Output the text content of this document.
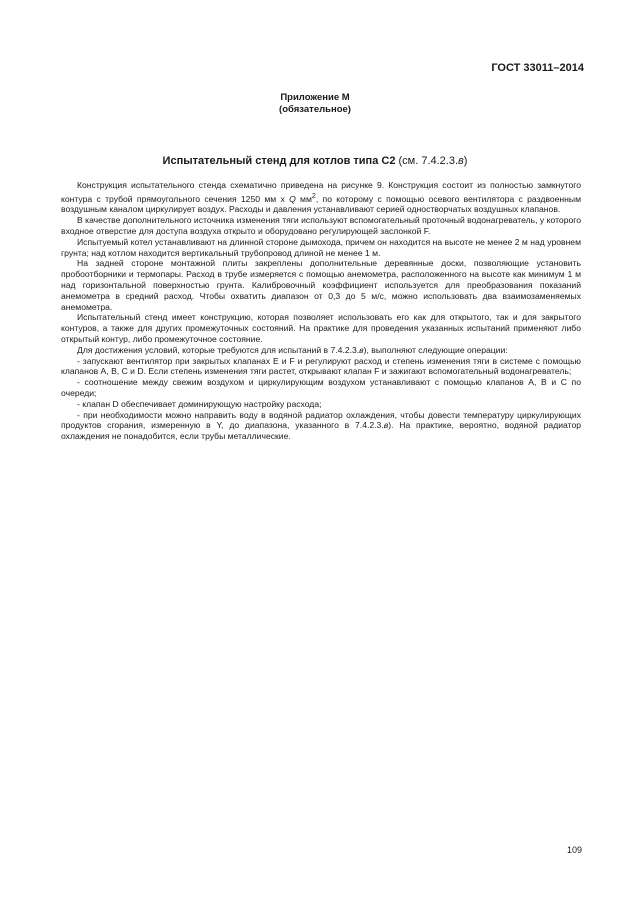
ГОСТ 33011–2014
Приложение М
(обязательное)
Испытательный стенд для котлов типа С2 (см. 7.4.2.3.в)

Конструкция испытательного стенда схематично приведена на рисунке 9. Конструкция состоит из полностью замкнутого контура с трубой прямоугольного сечения 1250 мм х Q $мм^2$, по которому с помощью осевого вентилятора с раздвоенным воздушным каналом циркулирует воздух. Расходы и давления устанавливают серией одностворчатых воздушных клапанов.

В качестве дополнительного источника изменения тяги используют вспомогательный проточный водонагреватель, у которого входное отверстие для доступа воздуха открыто и оборудовано регулирующей заслонкой F.

Испытуемый котел устанавливают на длинной стороне дымохода, причем он находится на высоте не менее 2 м над уровнем грунта; над котлом находится вертикальный трубопровод длиной не менее 1 м.

На задней стороне монтажной плиты закреплены дополнительные деревянные доски, позволяющие установить пробоотборники и термопары. Расход в трубе измеряется с помощью анемометра, расположенного на высоте как минимум 1 м над горизонтальной поверхностью грунта. Калибровочный коэффициент используется для преобразования показаний анемометра в средний расход. Чтобы охватить диапазон от 0,3 до 5 м/с, можно использовать два взаимозаменяемых анемометра.

Испытательный стенд имеет конструкцию, которая позволяет использовать его как для открытого, так и для закрытого контуров, а также для других промежуточных состояний. На практике для проведения указанных испытаний применяют либо открытый контур, либо промежуточное состояние.

Для достижения условий, которые требуются для испытаний в 7.4.2.3.в), выполняют следующие операции:

- запускают вентилятор при закрытых клапанах E и F и регулируют расход и степень изменения тяги в системе с помощью клапанов A, B, C и D. Если степень изменения тяги растет, открывают клапан F и зажигают вспомогательный водонагреватель;

- соотношение между свежим воздухом и циркулирующим воздухом устанавливают с помощью клапанов A, B и C по очереди;

- клапан D обеспечивает доминирующую настройку расхода;

- при необходимости можно направить воду в водяной радиатор охлаждения, чтобы довести температуру циркулирующих продуктов сгорания, измеренную в Y, до диапазона, указанного в 7.4.2.3.в). На практике, вероятно, водяной радиатор охлаждения не понадобится, если трубы металлические.

109
